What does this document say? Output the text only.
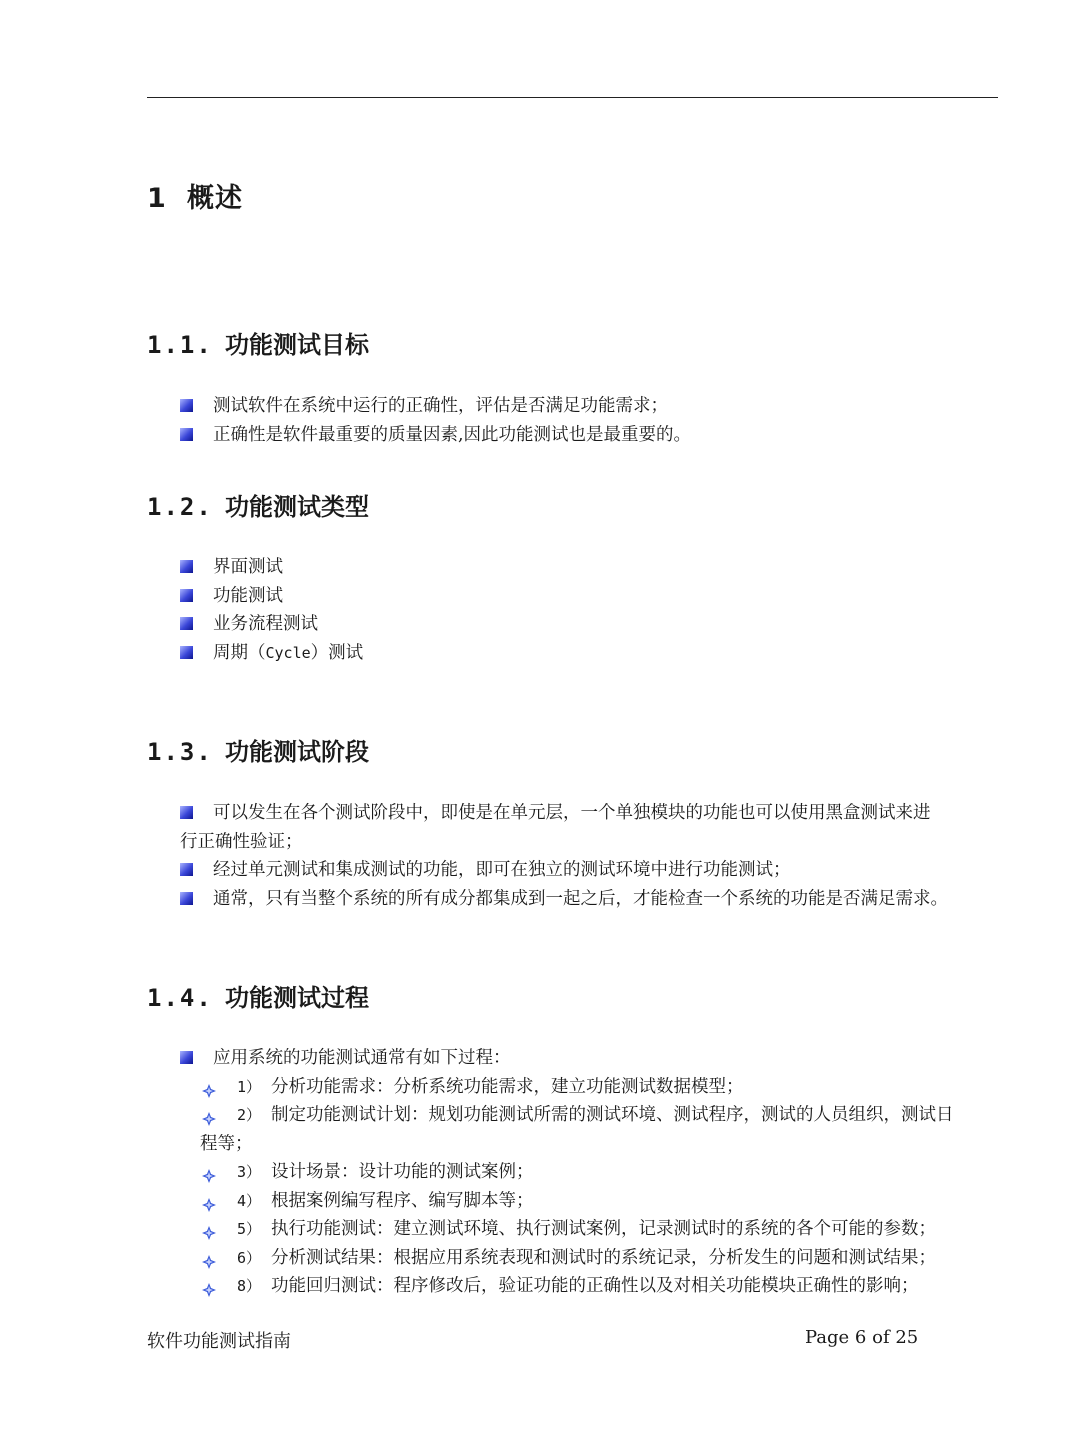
1 概述
1.1. 功能测试目标
测试软件在系统中运行的正确性，评估是否满足功能需求；
正确性是软件最重要的质量因素,因此功能测试也是最重要的。
1.2. 功能测试类型
界面测试
功能测试
业务流程测试
周期（Cycle）测试
1.3. 功能测试阶段
可以发生在各个测试阶段中，即使是在单元层，一个单独模块的功能也可以使用黑盒测试来进
行正确性验证；
经过单元测试和集成测试的功能，即可在独立的测试环境中进行功能测试；
通常，只有当整个系统的所有成分都集成到一起之后，才能检查一个系统的功能是否满足需求。
1.4. 功能测试过程
应用系统的功能测试通常有如下过程：
1） 分析功能需求：分析系统功能需求，建立功能测试数据模型；
2） 制定功能测试计划：规划功能测试所需的测试环境、测试程序，测试的人员组织，测试日
程等；
3） 设计场景：设计功能的测试案例；
4） 根据案例编写程序、编写脚本等；
5） 执行功能测试：建立测试环境、执行测试案例，记录测试时的系统的各个可能的参数；
6） 分析测试结果：根据应用系统表现和测试时的系统记录，分析发生的问题和测试结果；
8） 功能回归测试：程序修改后，验证功能的正确性以及对相关功能模块正确性的影响；
软件功能测试指南	Page 6 of 25
